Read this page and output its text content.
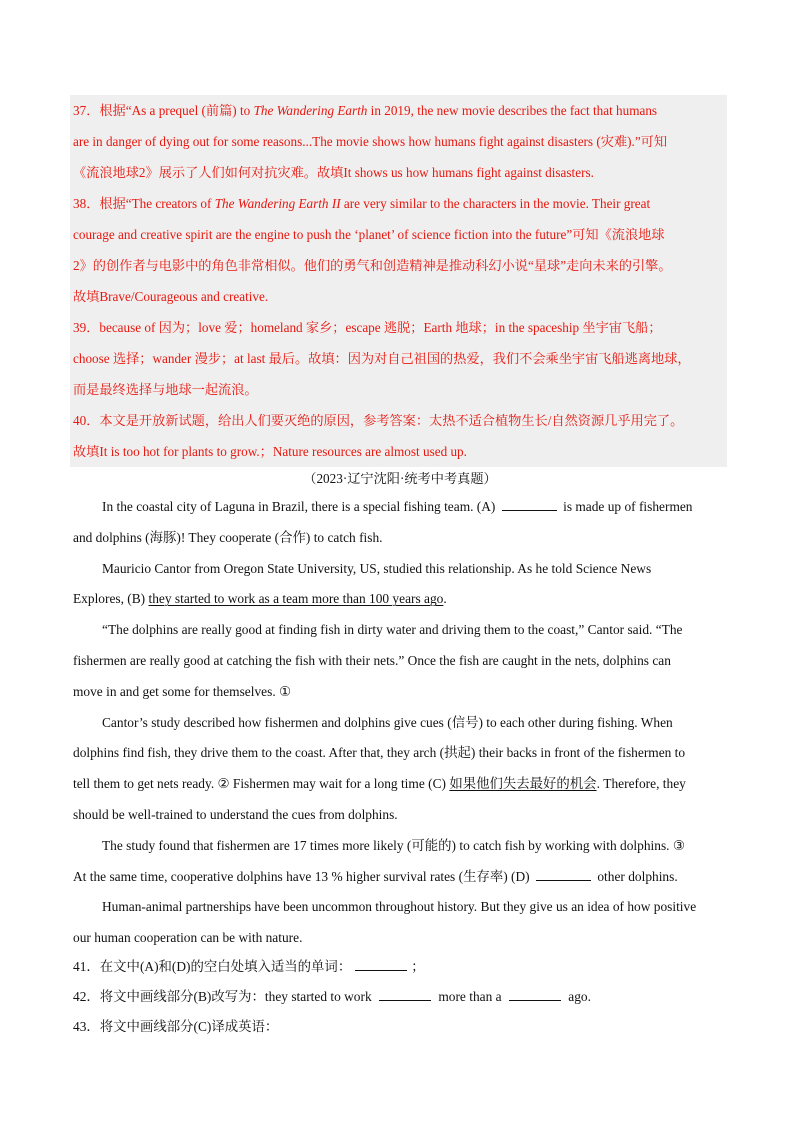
37．根据“As a prequel (前篇) to The Wandering Earth in 2019, the new movie describes the fact that humans
are in danger of dying out for some reasons...The movie shows how humans fight against disasters (灾难).”可知
《流浪地球2》展示了人们如何对抗灾难。故填It shows us how humans fight against disasters.
38．根据“The creators of The Wandering Earth II are very similar to the characters in the movie. Their great
courage and creative spirit are the engine to push the ‘planet’ of science fiction into the future”可知《流浪地球
2》的创作者与电影中的角色非常相似。他们的勇气和创造精神是推动科幻小说“星球”走向未来的引擎。
故填Brave/Courageous and creative.
39．because of 因为；love 爱；homeland 家乡；escape 逃脱；Earth 地球；in the spaceship 坐宇宙飞船；
choose 选择；wander 漫步；at last 最后。故填：因为对自己祖国的热爱，我们不会乘坐宇宙飞船逃离地球，
而是最终选择与地球一起流浪。
40．本文是开放新试题，给出人们要灭绝的原因，参考答案：太热不适合植物生长/自然资源几乎用完了。
故填It is too hot for plants to grow.；Nature resources are almost used up.
（2023·辽宁沈阳·统考中考真题）
In the coastal city of Laguna in Brazil, there is a special fishing team. (A)	is made up of fishermen
and dolphins (海豚)! They cooperate (合作) to catch fish.
Mauricio Cantor from Oregon State University, US, studied this relationship. As he told Science News
Explores, (B) they started to work as a team more than 100 years ago.
“The dolphins are really good at finding fish in dirty water and driving them to the coast,” Cantor said. “The
fishermen are really good at catching the fish with their nets.” Once the fish are caught in the nets, dolphins can
move in and get some for themselves. ①
Cantor’s study described how fishermen and dolphins give cues (信号) to each other during fishing. When
dolphins find fish, they drive them to the coast. After that, they arch (拱起) their backs in front of the fishermen to
tell them to get nets ready. ② Fishermen may wait for a long time (C) 如果他们失去最好的机会. Therefore, they
should be well-trained to understand the cues from dolphins.
The study found that fishermen are 17 times more likely (可能的) to catch fish by working with dolphins. ③
At the same time, cooperative dolphins have 13 % higher survival rates (生存率) (D)	other dolphins.
Human-animal partnerships have been uncommon throughout history. But they give us an idea of how positive
our human cooperation can be with nature.
41．在文中(A)和(D)的空白处填入适当的单词：	；
42．将文中画线部分(B)改写为：they started to work	more than a	ago.
43．将文中画线部分(C)译成英语：
